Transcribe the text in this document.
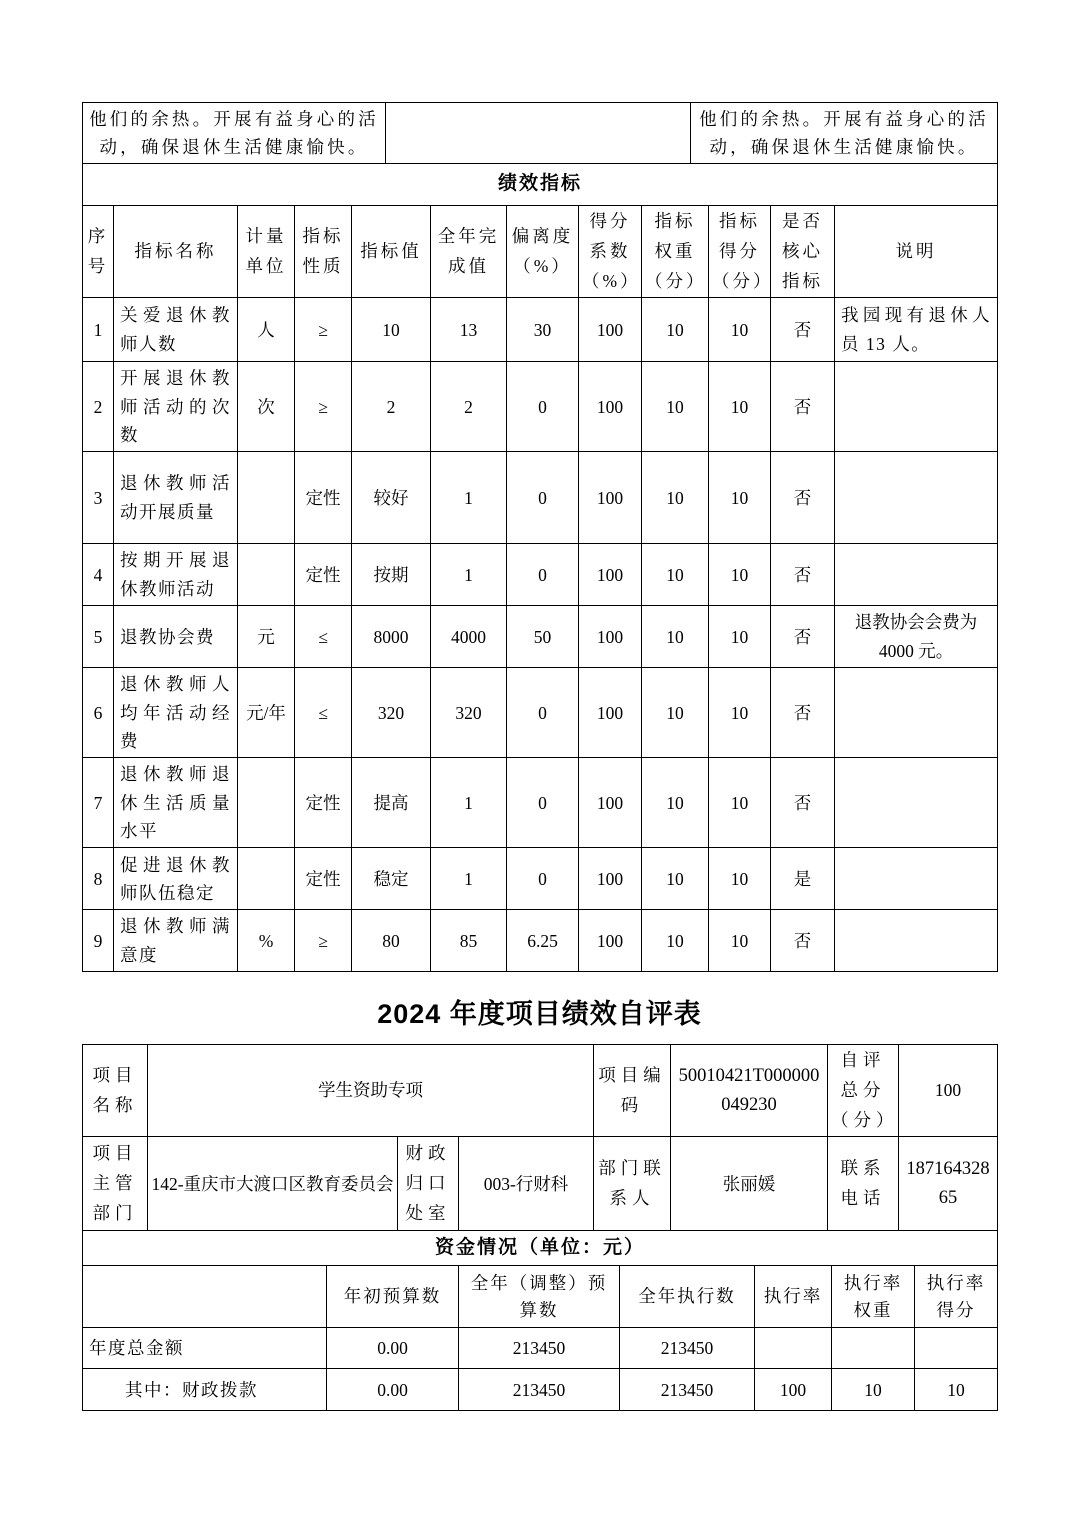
他们的余热。开展有益身心的活动，确保退休生活健康愉快。		他们的余热。开展有益身心的活动，确保退休生活健康愉快。
绩效指标											
序号	指标名称	计量单位	指标性质	指标值	全年完成值	偏离度（%）	得分系数（%）	指标权重（分）	指标得分（分）	是否核心指标	说明
1	关爱退休教师人数	人	≥	10	13	30	100	10	10	否	我园现有退休人员 13 人。
2	开展退休教师活动的次数	次	≥	2	2	0	100	10	10	否	
3	退休教师活动开展质量		定性	较好	1	0	100	10	10	否	
4	按期开展退休教师活动		定性	按期	1	0	100	10	10	否	
5	退教协会费	元	≤	8000	4000	50	100	10	10	否	退教协会会费为 4000 元。
6	退休教师人均年活动经费	元/年	≤	320	320	0	100	10	10	否	
7	退休教师退休生活质量水平		定性	提高	1	0	100	10	10	否	
8	促进退休教师队伍稳定		定性	稳定	1	0	100	10	10	是	
9	退休教师满意度	%	≥	80	85	6.25	100	10	10	否	
2024 年度项目绩效自评表
项目名称	学生资助专项			项目编码	50010421T000000049230	自评总分（分）	100
项目主管部门	142-重庆市大渡口区教育委员会	财政归口处室	003-行财科	部门联系人	张丽媛	联系电话	18716432865
资金情况（单位：元）						
	年初预算数	全年（调整）预算数	全年执行数	执行率	执行率权重	执行率得分
年度总金额	0.00	213450	213450			
其中：财政拨款	0.00	213450	213450	100	10	10
